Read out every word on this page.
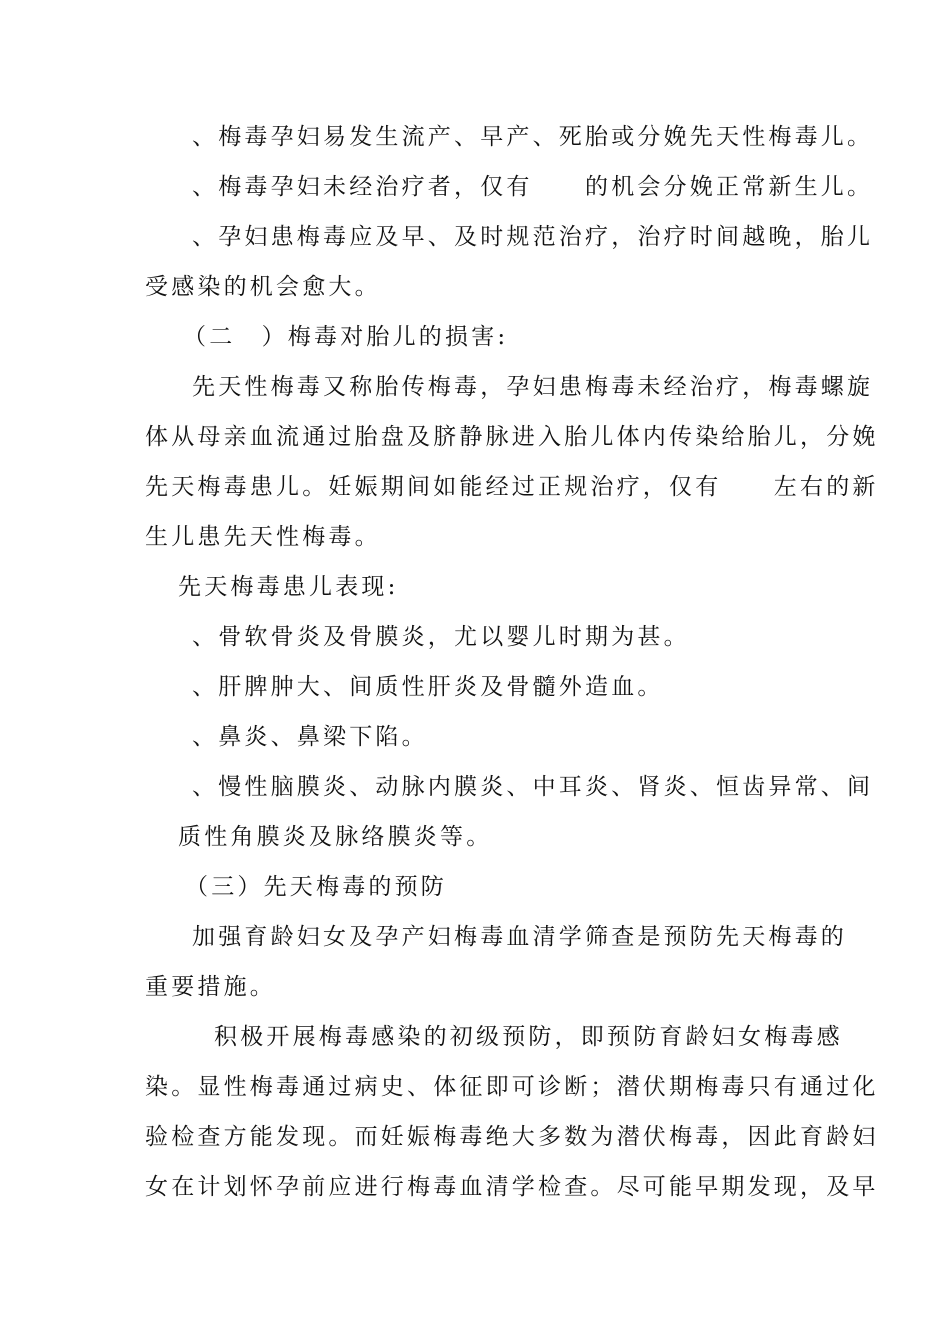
、梅毒孕妇易发生流产、早产、死胎或分娩先天性梅毒儿。
、梅毒孕妇未经治疗者，仅有　　的机会分娩正常新生儿。
、孕妇患梅毒应及早、及时规范治疗，治疗时间越晚，胎儿
受感染的机会愈大。
（二　）梅毒对胎儿的损害:
先天性梅毒又称胎传梅毒，孕妇患梅毒未经治疗，梅毒螺旋
体从母亲血流通过胎盘及脐静脉进入胎儿体内传染给胎儿，分娩
先天梅毒患儿。妊娠期间如能经过正规治疗，仅有　　左右的新
生儿患先天性梅毒。
先天梅毒患儿表现:
、骨软骨炎及骨膜炎，尤以婴儿时期为甚。
、肝脾肿大、间质性肝炎及骨髓外造血。
、鼻炎、鼻梁下陷。
、慢性脑膜炎、动脉内膜炎、中耳炎、肾炎、恒齿异常、间
质性角膜炎及脉络膜炎等。
（三）先天梅毒的预防
加强育龄妇女及孕产妇梅毒血清学筛查是预防先天梅毒的
重要措施。
积极开展梅毒感染的初级预防，即预防育龄妇女梅毒感
染。显性梅毒通过病史、体征即可诊断；潜伏期梅毒只有通过化
验检查方能发现。而妊娠梅毒绝大多数为潜伏梅毒，因此育龄妇
女在计划怀孕前应进行梅毒血清学检查。尽可能早期发现，及早
